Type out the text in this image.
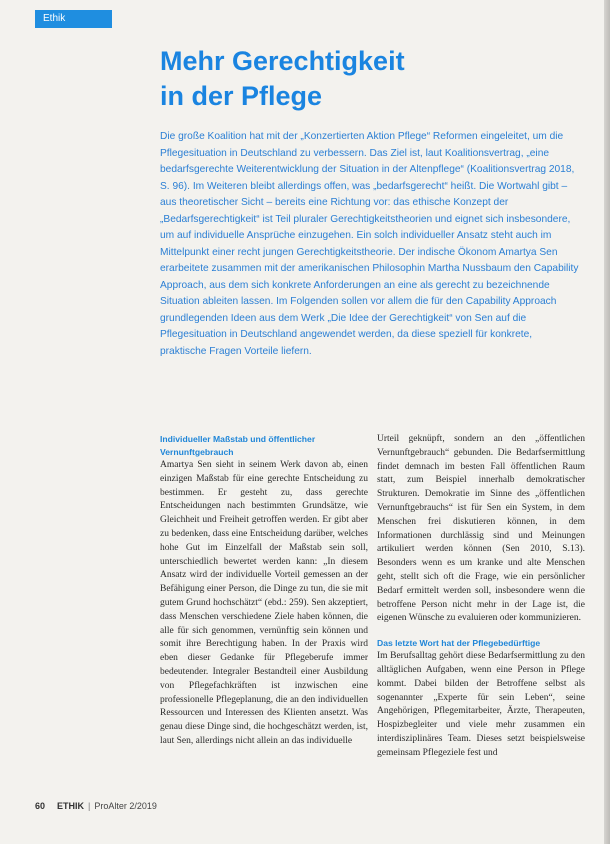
Ethik
Mehr Gerechtigkeit
in der Pflege

Die große Koalition hat mit der „Konzertierten Aktion Pflege“ Reformen eingeleitet, um die Pflegesituation in Deutschland zu verbessern. Das Ziel ist, laut Koalitionsvertrag, „eine bedarfsgerechte Weiterentwicklung der Situation in der Altenpflege“ (Koalitionsvertrag 2018, S. 96). Im Weiteren bleibt allerdings offen, was „bedarfsgerecht“ heißt. Die Wortwahl gibt – aus theoretischer Sicht – bereits eine Richtung vor: das ethische Konzept der „Bedarfsgerechtigkeit“ ist Teil pluraler Gerechtigkeitstheorien und eignet sich insbesondere, um auf individuelle Ansprüche einzugehen. Ein solch individueller Ansatz steht auch im Mittelpunkt einer recht jungen Gerechtigkeitstheorie. Der indische Ökonom Amartya Sen erarbeitete zusammen mit der amerikanischen Philosophin Martha Nussbaum den Capability Approach, aus dem sich konkrete Anforderungen an eine als gerecht zu bezeichnende Situation ableiten lassen. Im Folgenden sollen vor allem die für den Capability Approach grundlegenden Ideen aus dem Werk „Die Idee der Gerechtigkeit“ von Sen auf die Pflegesituation in Deutschland angewendet werden, da diese speziell für konkrete, praktische Fragen Vorteile liefern.

Individueller Maßstab und öffentlicher Vernunftgebrauch

Amartya Sen sieht in seinem Werk davon ab, einen einzigen Maßstab für eine gerechte Entscheidung zu bestimmen. Er gesteht zu, dass gerechte Entscheidungen nach bestimmten Grundsätze, wie Gleichheit und Freiheit getroffen werden. Er gibt aber zu bedenken, dass eine Entscheidung darüber, welches hohe Gut im Einzelfall der Maßstab sein soll, unterschiedlich bewertet werden kann: „In diesem Ansatz wird der individuelle Vorteil gemessen an der Befähigung einer Person, die Dinge zu tun, die sie mit gutem Grund hochschätzt“ (ebd.: 259). Sen akzeptiert, dass Menschen verschiedene Ziele haben können, die alle für sich genommen, vernünftig sein können und somit ihre Berechtigung haben. In der Praxis wird eben dieser Gedanke für Pflegeberufe immer bedeutender. Integraler Bestandteil einer Ausbildung von Pflegefachkräften ist inzwischen eine professionelle Pflegeplanung, die an den individuellen Ressourcen und Interessen des Klienten ansetzt. Was genau diese Dinge sind, die hochgeschätzt werden, ist, laut Sen, allerdings nicht allein an das individuelle

Urteil geknüpft, sondern an den „öffentlichen Vernunftgebrauch“ gebunden. Die Bedarfsermittlung findet demnach im besten Fall öffentlichen Raum statt, zum Beispiel innerhalb demokratischer Strukturen. Demokratie im Sinne des „öffentlichen Vernunftgebrauchs“ ist für Sen ein System, in dem Menschen frei diskutieren können, in dem Informationen durchlässig sind und Meinungen artikuliert werden können (Sen 2010, S.13). Besonders wenn es um kranke und alte Menschen geht, stellt sich oft die Frage, wie ein persönlicher Bedarf ermittelt werden soll, insbesondere wenn die betroffene Person nicht mehr in der Lage ist, die eigenen Wünsche zu evaluieren oder kommunizieren.

Das letzte Wort hat der Pflegebedürftige

Im Berufsalltag gehört diese Bedarfsermittlung zu den alltäglichen Aufgaben, wenn eine Person in Pflege kommt. Dabei bilden der Betroffene selbst als sogenannter „Experte für sein Leben“, seine Angehörigen, Pflegemitarbeiter, Ärzte, Therapeuten, Hospizbegleiter und viele mehr zusammen ein interdisziplinäres Team. Dieses setzt beispielsweise gemeinsam Pflegeziele fest und

60 ETHIK | ProAlter 2/2019
